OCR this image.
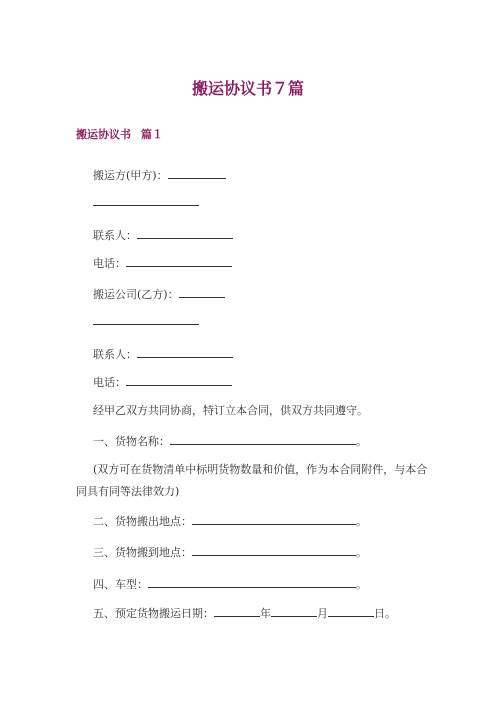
搬运协议书７篇
搬运协议书 篇１
搬运方(甲方)：
联系人：
电话：
搬运公司(乙方)：
联系人：
电话：
经甲乙双方共同协商，特订立本合同，供双方共同遵守。
一、货物名称：	。
(双方可在货物清单中标明货物数量和价值，作为本合同附件，与本合同具有同等法律效力)
二、货物搬出地点：	。
三、货物搬到地点：	。
四、车型：	。
五、预定货物搬运日期：	年	月	日。
